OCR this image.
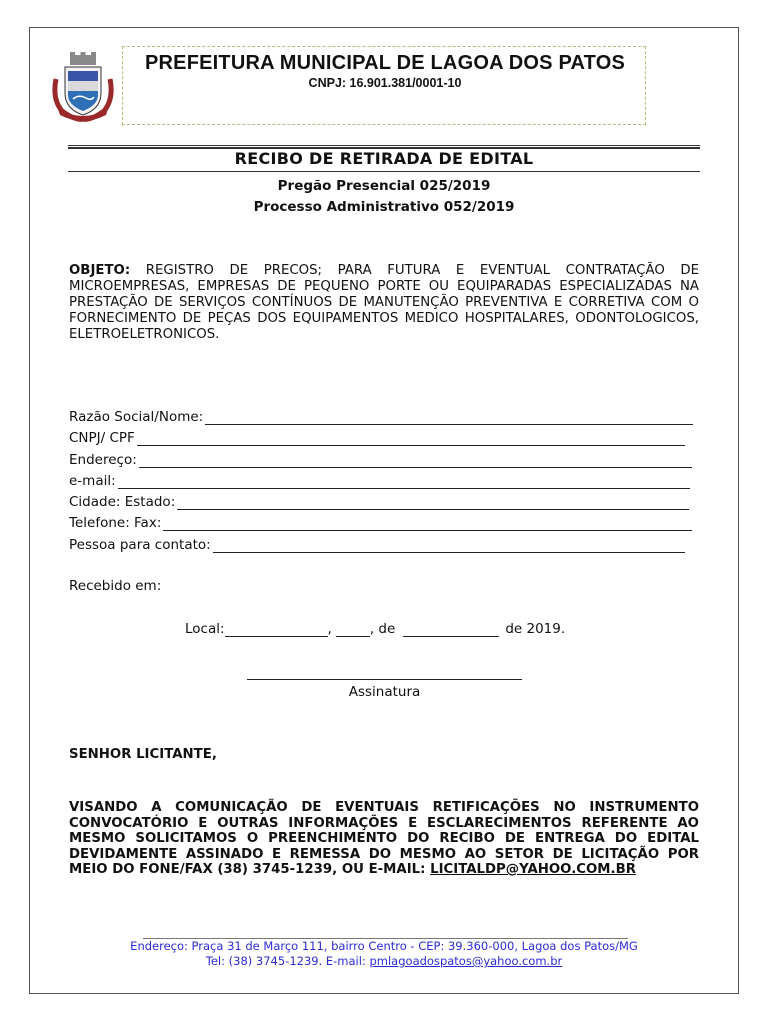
PREFEITURA MUNICIPAL DE LAGOA DOS PATOS
CNPJ: 16.901.381/0001-10
RECIBO DE RETIRADA DE EDITAL
Pregão Presencial 025/2019
Processo Administrativo 052/2019
OBJETO: REGISTRO DE PRECOS; PARA FUTURA E EVENTUAL CONTRATAÇÃO DE MICROEMPRESAS, EMPRESAS DE PEQUENO PORTE OU EQUIPARADAS ESPECIALIZADAS NA PRESTAÇÃO DE SERVIÇOS CONTÍNUOS DE MANUTENÇÃO PREVENTIVA E CORRETIVA COM O FORNECIMENTO DE PEÇAS DOS EQUIPAMENTOS MEDICO HOSPITALARES, ODONTOLOGICOS, ELETROELETRONICOS.
Razão Social/Nome:
CNPJ/ CPF
Endereço:
e-mail:
Cidade: Estado:
Telefone: Fax:
Pessoa para contato:
Recebido em:
Local:	,	, de	de 2019.
Assinatura
SENHOR LICITANTE,
VISANDO A COMUNICAÇÃO DE EVENTUAIS RETIFICAÇÕES NO INSTRUMENTO CONVOCATÓRIO E OUTRAS INFORMAÇÕES E ESCLARECIMENTOS REFERENTE AO MESMO SOLICITAMOS O PREENCHIMENTO DO RECIBO DE ENTREGA DO EDITAL DEVIDAMENTE ASSINADO E REMESSA DO MESMO AO SETOR DE LICITAÇÃO POR MEIO DO FONE/FAX (38) 3745-1239, OU E-MAIL: LICITALDP@YAHOO.COM.BR
Endereço: Praça 31 de Março 111, bairro Centro - CEP: 39.360-000, Lagoa dos Patos/MG
Tel: (38) 3745-1239. E-mail: pmlagoadospatos@yahoo.com.br
